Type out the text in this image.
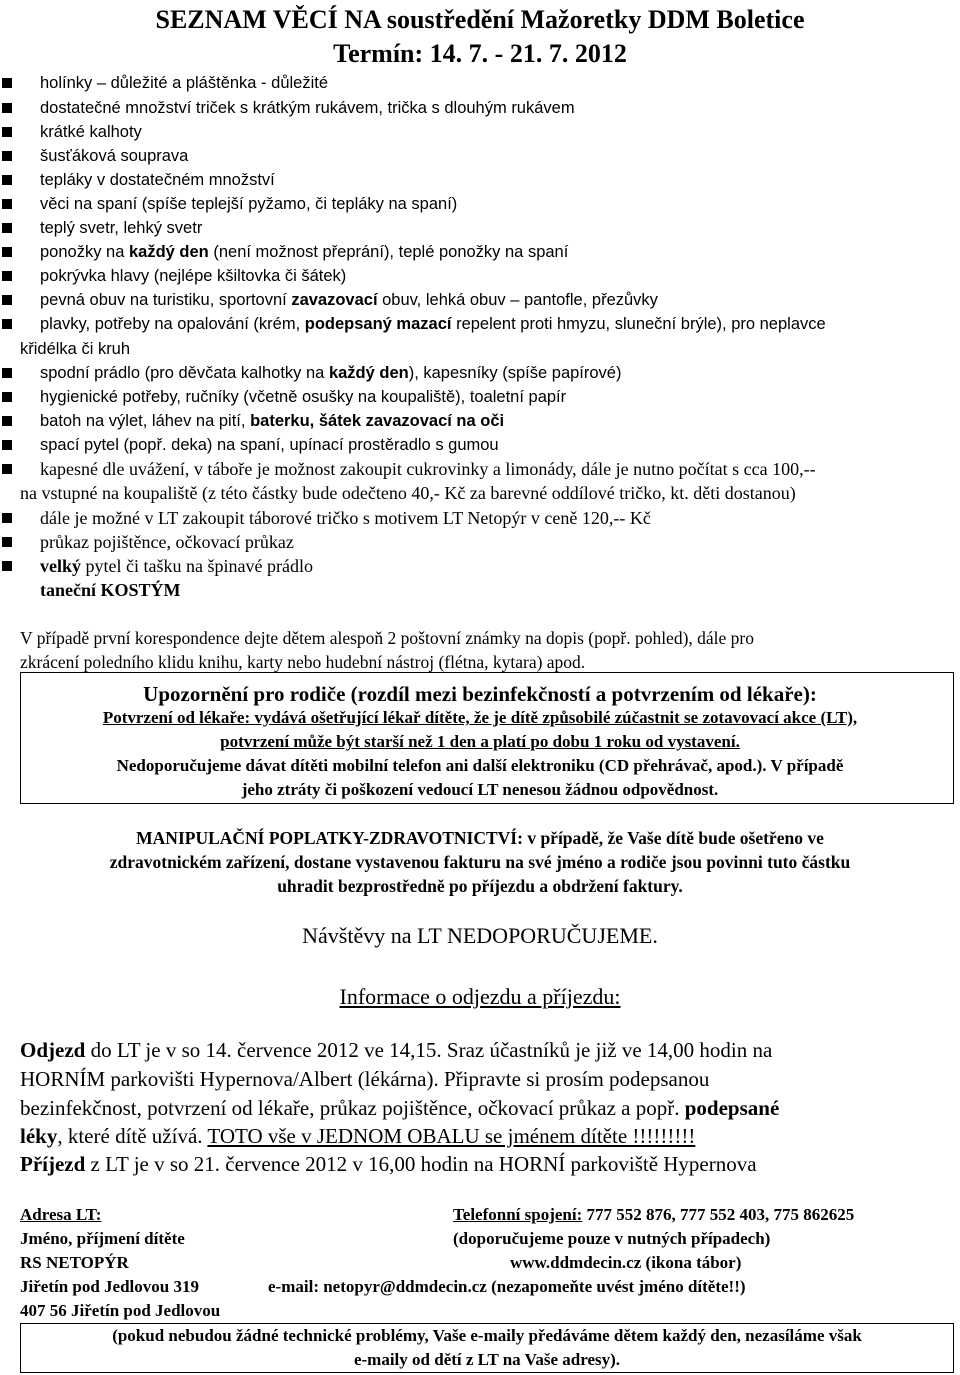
SEZNAM VĚCÍ NA soustředění Mažoretky DDM Boletice
Termín: 14. 7. - 21. 7. 2012
holínky – důležité a pláštěnka - důležité
dostatečné množství triček s krátkým rukávem, trička s dlouhým rukávem
krátké kalhoty
šusťáková souprava
tepláky v dostatečném množství
věci na spaní (spíše teplejší pyžamo, či tepláky na spaní)
teplý svetr, lehký svetr
ponožky na každý den (není možnost přeprání), teplé ponožky na spaní
pokrývka hlavy (nejlépe kšiltovka či šátek)
pevná obuv na turistiku, sportovní zavazovací obuv, lehká obuv – pantofle, přezůvky
plavky, potřeby na opalování (krém, podepsaný mazací repelent proti hmyzu, sluneční brýle), pro neplavce
křidélka či kruh
spodní prádlo (pro děvčata kalhotky na každý den), kapesníky (spíše papírové)
hygienické potřeby, ručníky (včetně osušky na koupaliště), toaletní papír
batoh na výlet, láhev na pití, baterku, šátek zavazovací na oči
spací pytel (popř. deka) na spaní, upínací prostěradlo s gumou
kapesné dle uvážení, v táboře je možnost zakoupit cukrovinky a limonády, dále je nutno počítat s cca 100,--
na vstupné na koupaliště (z této částky bude odečteno 40,- Kč za barevné oddílové tričko, kt. děti dostanou)
dále je možné v LT zakoupit táborové tričko s motivem LT Netopýr v ceně 120,-- Kč
průkaz pojištěnce, očkovací průkaz
velký pytel či tašku na špinavé prádlo
taneční KOSTÝM
V případě první korespondence dejte dětem alespoň 2 poštovní známky na dopis (popř. pohled), dále pro
zkrácení poledního klidu knihu, karty nebo hudební nástroj (flétna, kytara) apod.
Upozornění pro rodiče (rozdíl mezi bezinfekčností a potvrzením od lékaře):
Potvrzení od lékaře: vydává ošetřující lékař dítěte, že je dítě způsobilé zúčastnit se zotavovací akce (LT),
potvrzení může být starší než 1 den a platí po dobu 1 roku od vystavení.
Nedoporučujeme dávat dítěti mobilní telefon ani další elektroniku (CD přehrávač, apod.). V případě
jeho ztráty či poškození vedoucí LT nenesou žádnou odpovědnost.
MANIPULAČNÍ POPLATKY-ZDRAVOTNICTVÍ: v případě, že Vaše dítě bude ošetřeno ve
zdravotnickém zařízení, dostane vystavenou fakturu na své jméno a rodiče jsou povinni tuto částku
uhradit bezprostředně po příjezdu a obdržení faktury.
Návštěvy na LT NEDOPORUČUJEME.
Informace o odjezdu a příjezdu:
Odjezd do LT je v so 14. července 2012 ve 14,15. Sraz účastníků je již ve 14,00 hodin na
HORNÍM parkovišti Hypernova/Albert (lékárna). Připravte si prosím podepsanou
bezinfekčnost, potvrzení od lékaře, průkaz pojištěnce, očkovací průkaz a popř. podepsané
léky, které dítě užívá. TOTO vše v JEDNOM OBALU se jménem dítěte !!!!!!!!!
Příjezd z LT je v so 21. července 2012 v 16,00 hodin na HORNÍ parkoviště Hypernova
Adresa LT:
Jméno, příjmení dítěte
RS NETOPÝR
Jiřetín pod Jedlovou 319
407 56 Jiřetín pod Jedlovou
Telefonní spojení: 777 552 876, 777 552 403, 775 862625
(doporučujeme pouze v nutných případech)
www.ddmdecin.cz (ikona tábor)
e-mail: netopyr@ddmdecin.cz (nezapomeňte uvést jméno dítěte!!)
(pokud nebudou žádné technické problémy, Vaše e-maily předáváme dětem každý den, nezasíláme však
e-maily od dětí z LT na Vaše adresy).
